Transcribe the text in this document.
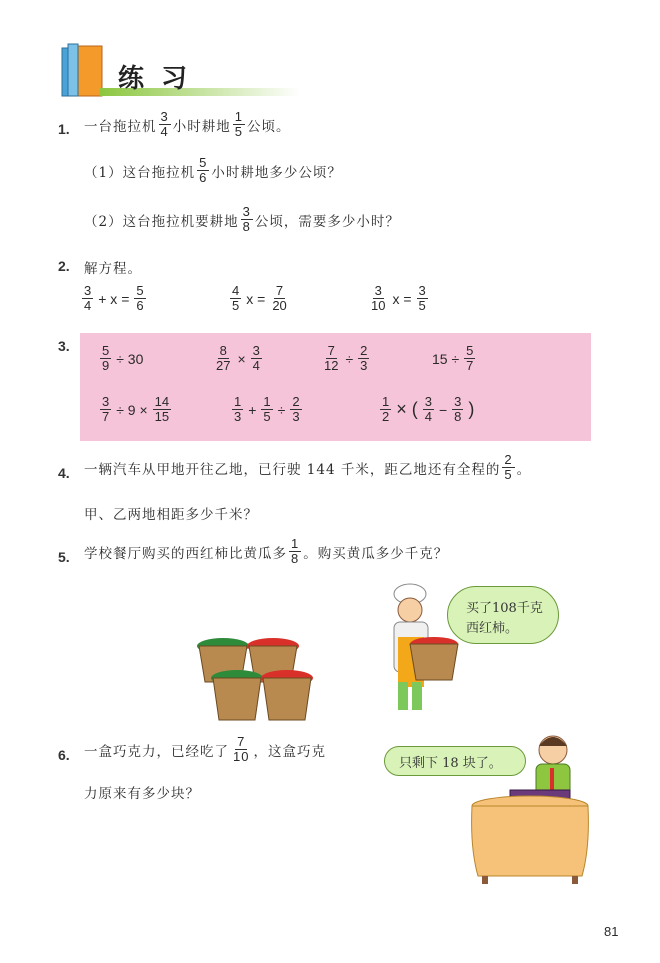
练 习
1. 一台拖拉机 $\frac{3}{4}$ 小时耕地 $\frac{1}{5}$ 公顷。
（1）这台拖拉机 $\frac{5}{6}$ 小时耕地多少公顷？
（2）这台拖拉机要耕地 $\frac{3}{8}$ 公顷，需要多少小时？
2. 解方程。
$\frac{3}{4} + x = \frac{5}{6}$	$\frac{4}{5}$ $x = \frac{7}{20}$	$\frac{3}{10}$ $x = \frac{3}{5}$
3. $\frac{5}{9} \div 30$	$\frac{8}{27} \times \frac{3}{4}$	$\frac{7}{12} \div \frac{2}{3}$	$15 \div \frac{5}{7}$
$\frac{3}{7} \div 9 \times \frac{14}{15}$	$\frac{1}{3} + \frac{1}{5} \div \frac{2}{3}$	$\frac{1}{2}$ × ( $\frac{3}{4} - \frac{3}{8}$ )
4. 一辆汽车从甲地开往乙地，已行驶 144 千米，距乙地还有全程的 $\frac{2}{5}$ 。
甲、乙两地相距多少千米？
5. 学校餐厅购买的西红柿比黄瓜多 $\frac{1}{8}$ 。购买黄瓜多少千克？
买了108千克
西红柿。
6. 一盒巧克力，已经吃了 $\frac{7}{10}$ ，这盒巧克
力原来有多少块？
只剩下 18 块了。
81
